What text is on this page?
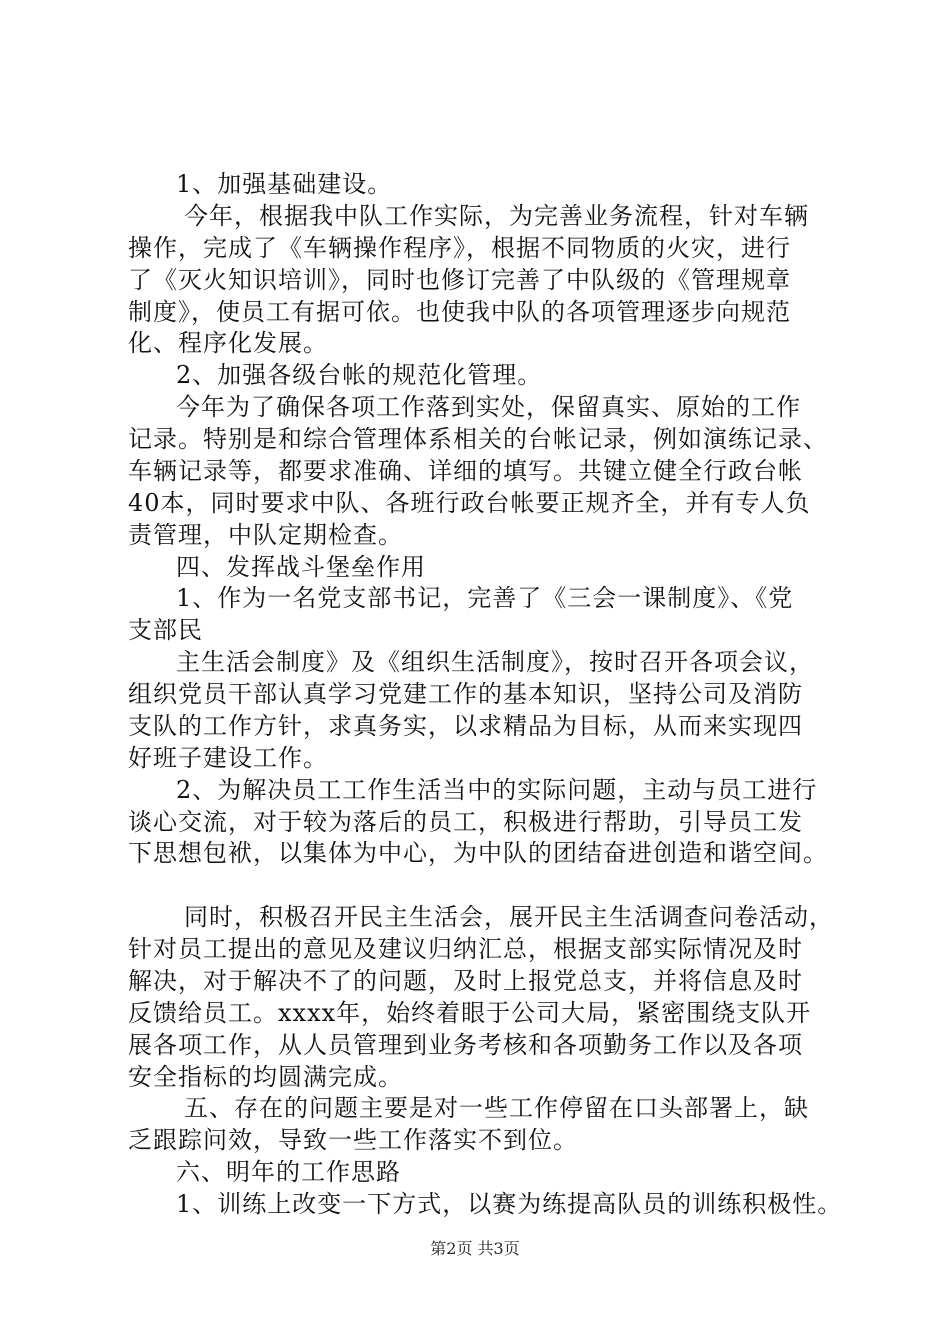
1、加强基础建设。
今年，根据我中队工作实际，为完善业务流程，针对车辆
操作，完成了《车辆操作程序》，根据不同物质的火灾，进行
了《灭火知识培训》，同时也修订完善了中队级的《管理规章
制度》，使员工有据可依。也使我中队的各项管理逐步向规范
化、程序化发展。
2、加强各级台帐的规范化管理。
今年为了确保各项工作落到实处，保留真实、原始的工作
记录。特别是和综合管理体系相关的台帐记录，例如演练记录、
车辆记录等，都要求准确、详细的填写。共键立健全行政台帐
40本，同时要求中队、各班行政台帐要正规齐全，并有专人负
责管理，中队定期检查。
四、发挥战斗堡垒作用
1、作为一名党支部书记，完善了《三会一课制度》、《党
支部民
主生活会制度》及《组织生活制度》，按时召开各项会议，
组织党员干部认真学习党建工作的基本知识，坚持公司及消防
支队的工作方针，求真务实，以求精品为目标，从而来实现四
好班子建设工作。
2、为解决员工工作生活当中的实际问题，主动与员工进行
谈心交流，对于较为落后的员工，积极进行帮助，引导员工发
下思想包袱，以集体为中心，为中队的团结奋进创造和谐空间。
同时，积极召开民主生活会，展开民主生活调查问卷活动，
针对员工提出的意见及建议归纳汇总，根据支部实际情况及时
解决，对于解决不了的问题，及时上报党总支，并将信息及时
反馈给员工。xxxx年，始终着眼于公司大局，紧密围绕支队开
展各项工作，从人员管理到业务考核和各项勤务工作以及各项
安全指标的均圆满完成。
五、存在的问题主要是对一些工作停留在口头部署上，缺
乏跟踪问效，导致一些工作落实不到位。
六、明年的工作思路
1、训练上改变一下方式，以赛为练提高队员的训练积极性。
第2页 共3页
